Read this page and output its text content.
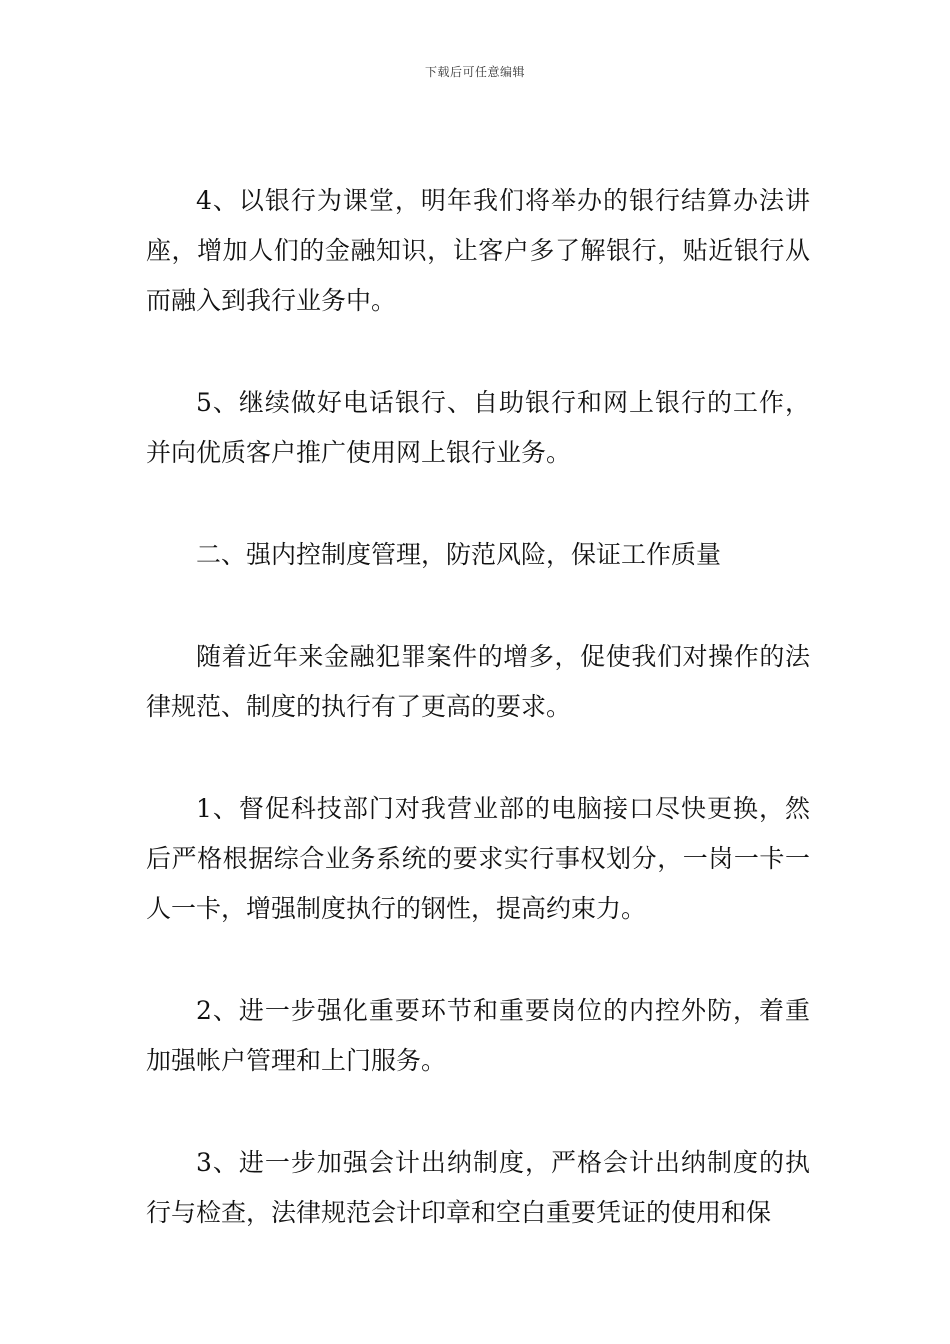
下载后可任意编辑

4、以银行为课堂，明年我们将举办的银行结算办法讲座，增加人们的金融知识，让客户多了解银行，贴近银行从而融入到我行业务中。

5、继续做好电话银行、自助银行和网上银行的工作，并向优质客户推广使用网上银行业务。

二、强内控制度管理，防范风险，保证工作质量

随着近年来金融犯罪案件的增多，促使我们对操作的法律规范、制度的执行有了更高的要求。

1、督促科技部门对我营业部的电脑接口尽快更换，然后严格根据综合业务系统的要求实行事权划分，一岗一卡一人一卡，增强制度执行的钢性，提高约束力。

2、进一步强化重要环节和重要岗位的内控外防，着重加强帐户管理和上门服务。

3、进一步加强会计出纳制度，严格会计出纳制度的执行与检查，法律规范会计印章和空白重要凭证的使用和保
